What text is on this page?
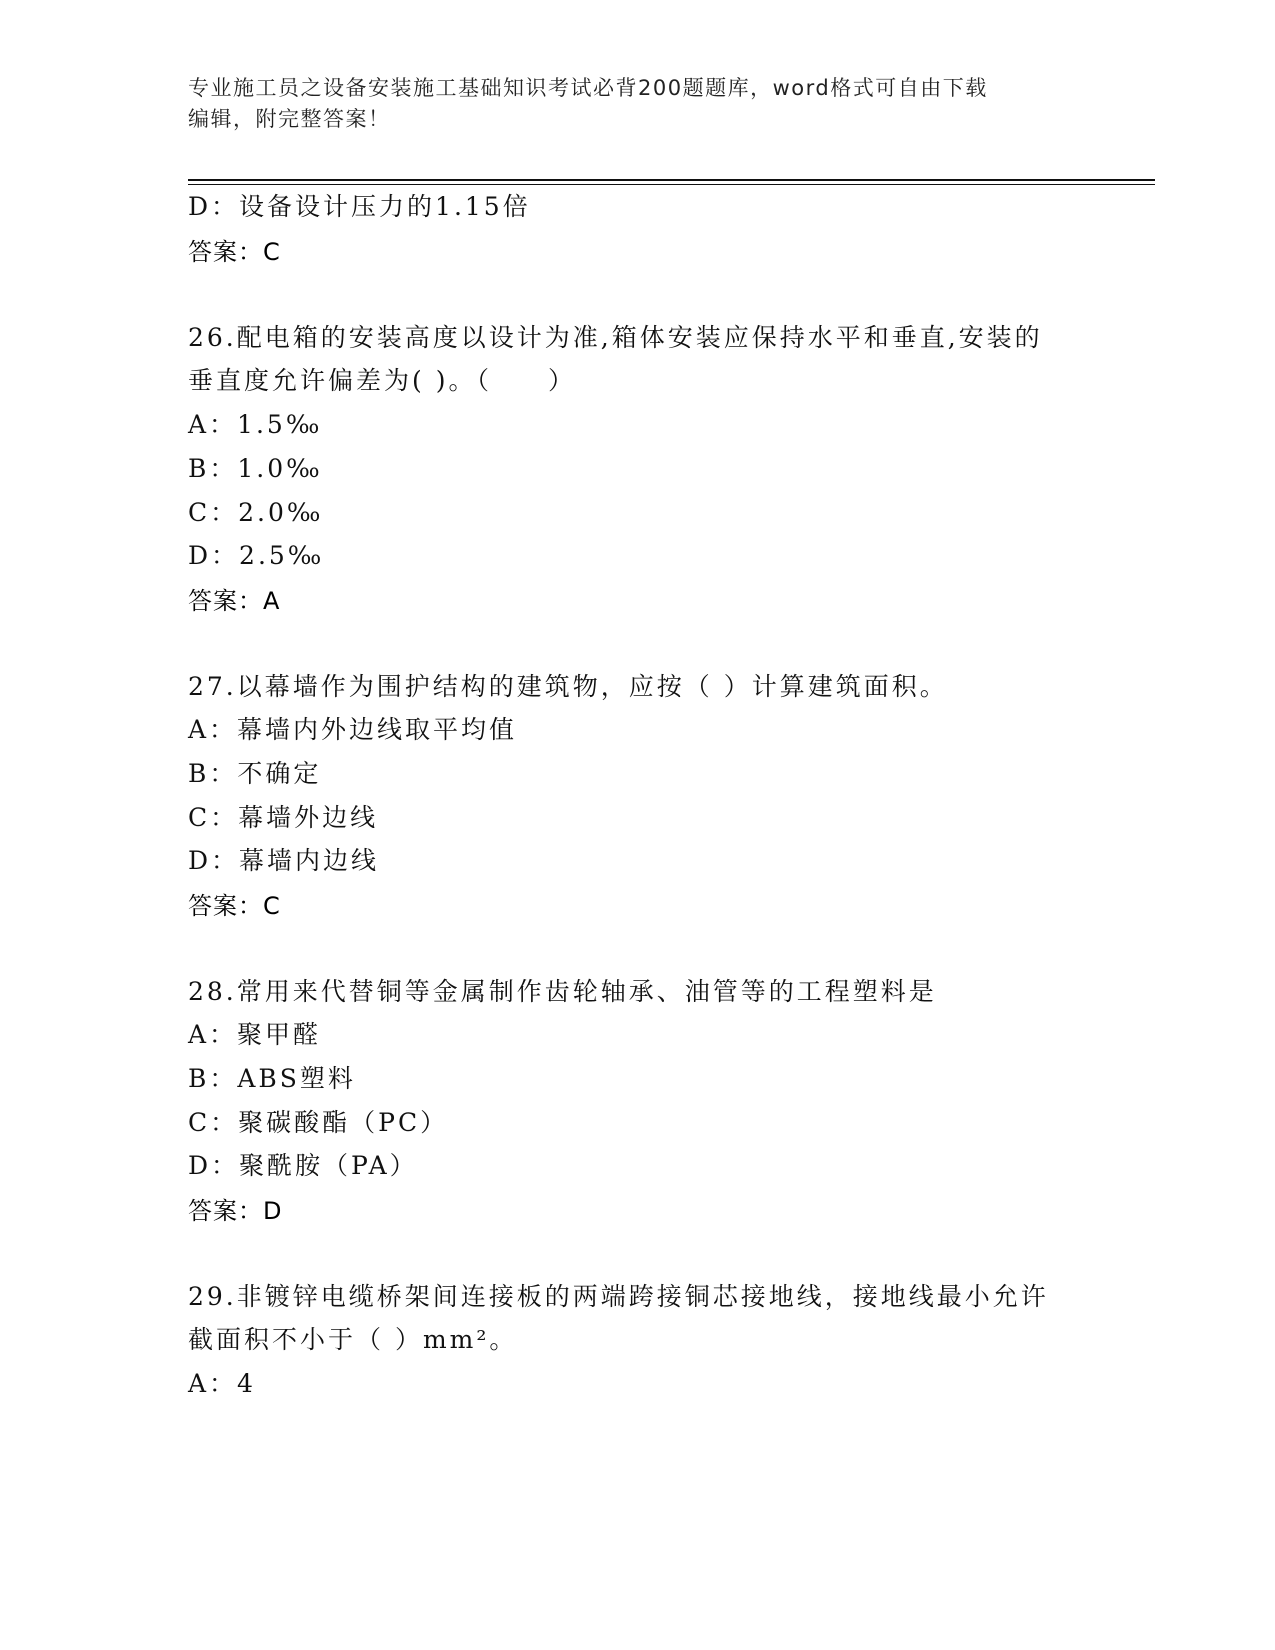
专业施工员之设备安装施工基础知识考试必背200题题库，word格式可自由下载
编辑，附完整答案！
D：设备设计压力的1.15倍
答案：C
26.配电箱的安装高度以设计为准,箱体安装应保持水平和垂直,安装的
垂直度允许偏差为( )。（　　）
A：1.5‰
B：1.0‰
C：2.0‰
D：2.5‰
答案：A
27.以幕墙作为围护结构的建筑物，应按（ ）计算建筑面积。
A：幕墙内外边线取平均值
B：不确定
C：幕墙外边线
D：幕墙内边线
答案：C
28.常用来代替铜等金属制作齿轮轴承、油管等的工程塑料是
A：聚甲醛
B：ABS塑料
C：聚碳酸酯（PC）
D：聚酰胺（PA）
答案：D
29.非镀锌电缆桥架间连接板的两端跨接铜芯接地线，接地线最小允许
截面积不小于（ ）mm²。
A：4
